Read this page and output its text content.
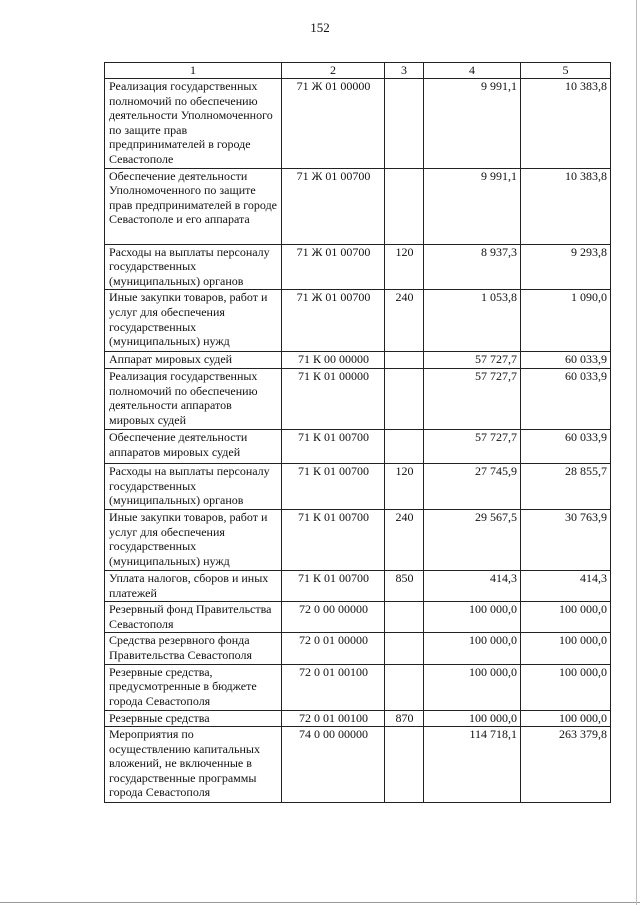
152
1	2	3	4	5
Реализация государственных полномочий по обеспечению деятельности Уполномоченного по защите прав предпринимателей в городе Севастополе	71 Ж 01 00000		9 991,1	10 383,8
Обеспечение деятельности Уполномоченного по защите прав предпринимателей в городе Севастополе и его аппарата	71 Ж 01 00700		9 991,1	10 383,8
Расходы на выплаты персоналу государственных (муниципальных) органов	71 Ж 01 00700	120	8 937,3	9 293,8
Иные закупки товаров, работ и услуг для обеспечения государственных (муниципальных) нужд	71 Ж 01 00700	240	1 053,8	1 090,0
Аппарат мировых судей	71 К 00 00000		57 727,7	60 033,9
Реализация государственных полномочий по обеспечению деятельности аппаратов мировых судей	71 К 01 00000		57 727,7	60 033,9
Обеспечение деятельности аппаратов мировых судей	71 К 01 00700		57 727,7	60 033,9
Расходы на выплаты персоналу государственных (муниципальных) органов	71 К 01 00700	120	27 745,9	28 855,7
Иные закупки товаров, работ и услуг для обеспечения государственных (муниципальных) нужд	71 К 01 00700	240	29 567,5	30 763,9
Уплата налогов, сборов и иных платежей	71 К 01 00700	850	414,3	414,3
Резервный фонд Правительства Севастополя	72 0 00 00000		100 000,0	100 000,0
Средства резервного фонда Правительства Севастополя	72 0 01 00000		100 000,0	100 000,0
Резервные средства, предусмотренные в бюджете города Севастополя	72 0 01 00100		100 000,0	100 000,0
Резервные средства	72 0 01 00100	870	100 000,0	100 000,0
Мероприятия по осуществлению капитальных вложений, не включенные в государственные программы города Севастополя	74 0 00 00000		114 718,1	263 379,8
